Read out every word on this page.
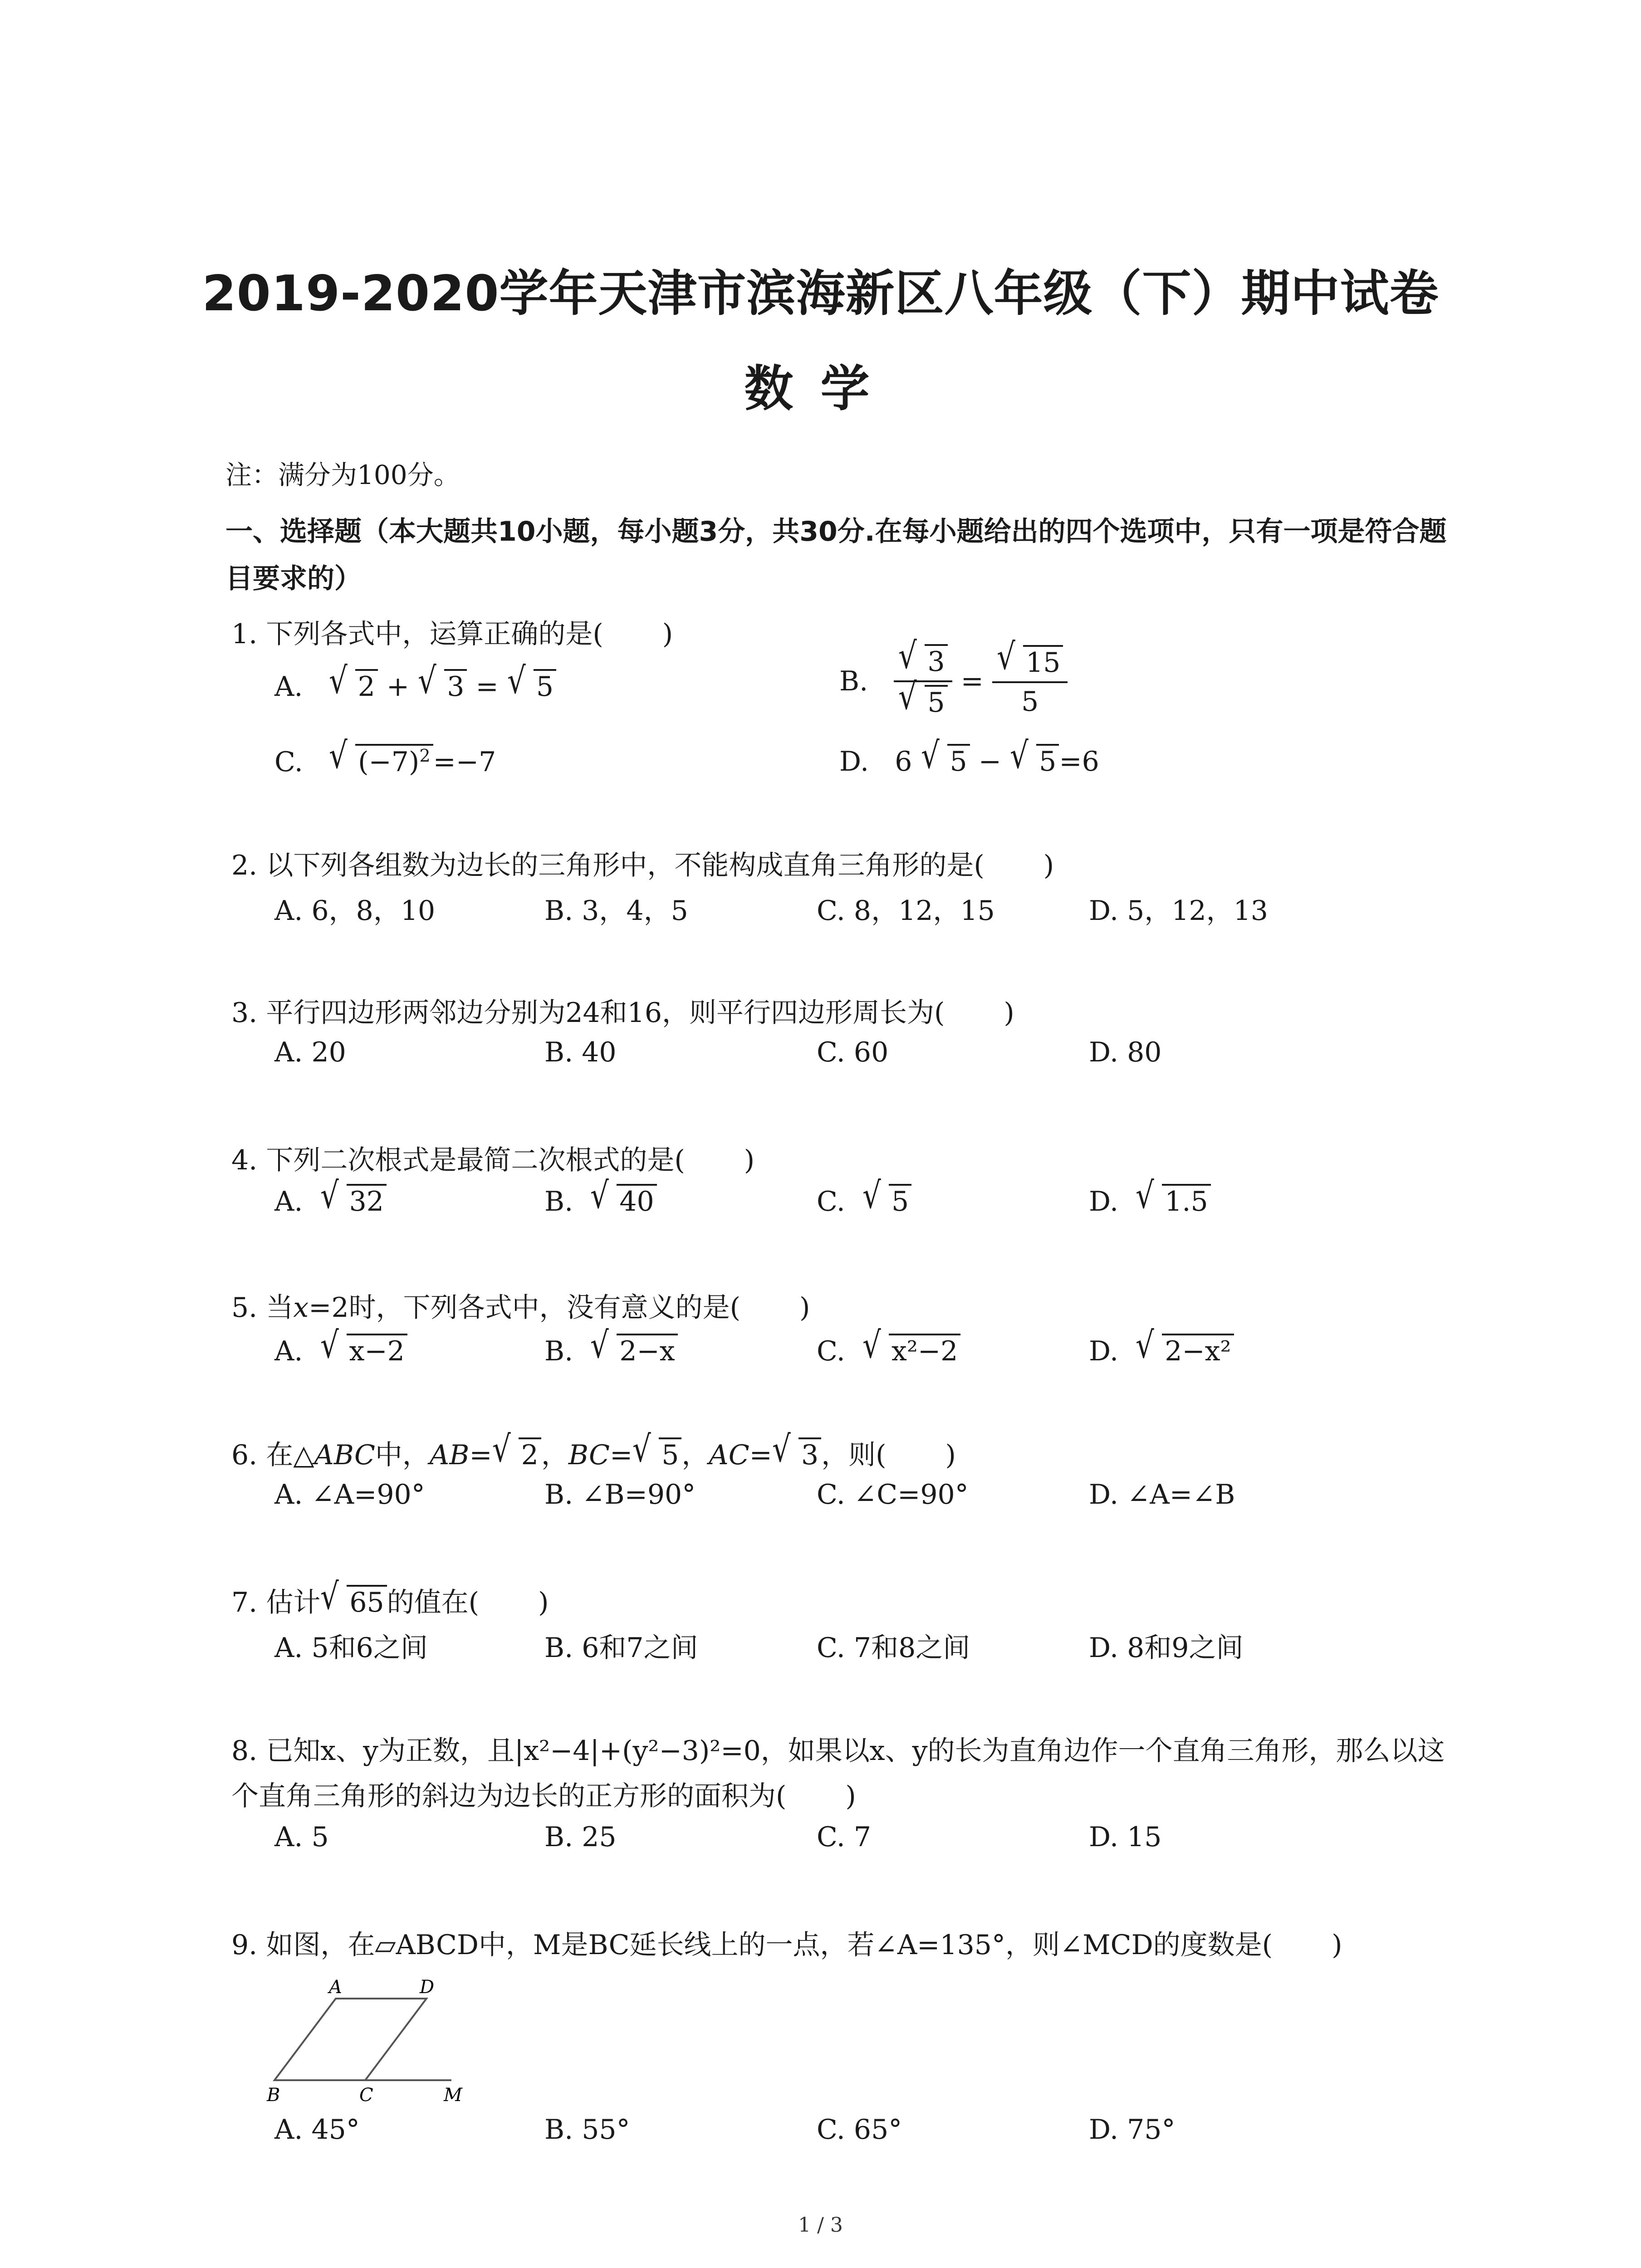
2019-2020学年天津市滨海新区八年级（下）期中试卷
数学
注：满分为100分。
一、选择题（本大题共10小题，每小题3分，共30分.在每小题给出的四个选项中，只有一项是符合题目要求的）
1. 下列各式中，运算正确的是( )
A. √ 2 + √ 3 = √ 5	B. $\frac{√ 3}{√ 5} = \frac{√ 15}{5}$
C. √ $(-7)^2 =-7$	D. 6 √ 5 − √ 5 =6
2. 以下列各组数为边长的三角形中，不能构成直角三角形的是( )
A. 6，8，10	B. 3，4，5	C. 8，12，15	D. 5，12，13
3. 平行四边形两邻边分别为24和16，则平行四边形周长为( )
A. 20	B. 40	C. 60	D. 80
4. 下列二次根式是最简二次根式的是( )
A. √ 32	B. √ 40	C. √ 5	D. √ 1.5
5. 当x=2时，下列各式中，没有意义的是( )
A. √ x−2	B. √ 2−x	C. √ x²−2	D. √ 2−x²
6. 在△ABC中，AB= √ 2 ，BC= √ 5 ，AC= √ 3 ，则( )
A. ∠A=90°	B. ∠B=90°	C. ∠C=90°	D. ∠A=∠B
7. 估计 √ 65 的值在( )
A. 5和6之间	B. 6和7之间	C. 7和8之间	D. 8和9之间
8. 已知x、y为正数，且|x²−4|+(y²−3)²=0，如果以x、y的长为直角边作一个直角三角形，那么以这个直角三角形的斜边为边长的正方形的面积为( )
A. 5	B. 25	C. 7	D. 15
9. 如图，在▱ABCD中，M是BC延长线上的一点，若∠A=135°，则∠MCD的度数是( )
A	D
B	C	M
A. 45°	B. 55°	C. 65°	D. 75°
1 / 3
